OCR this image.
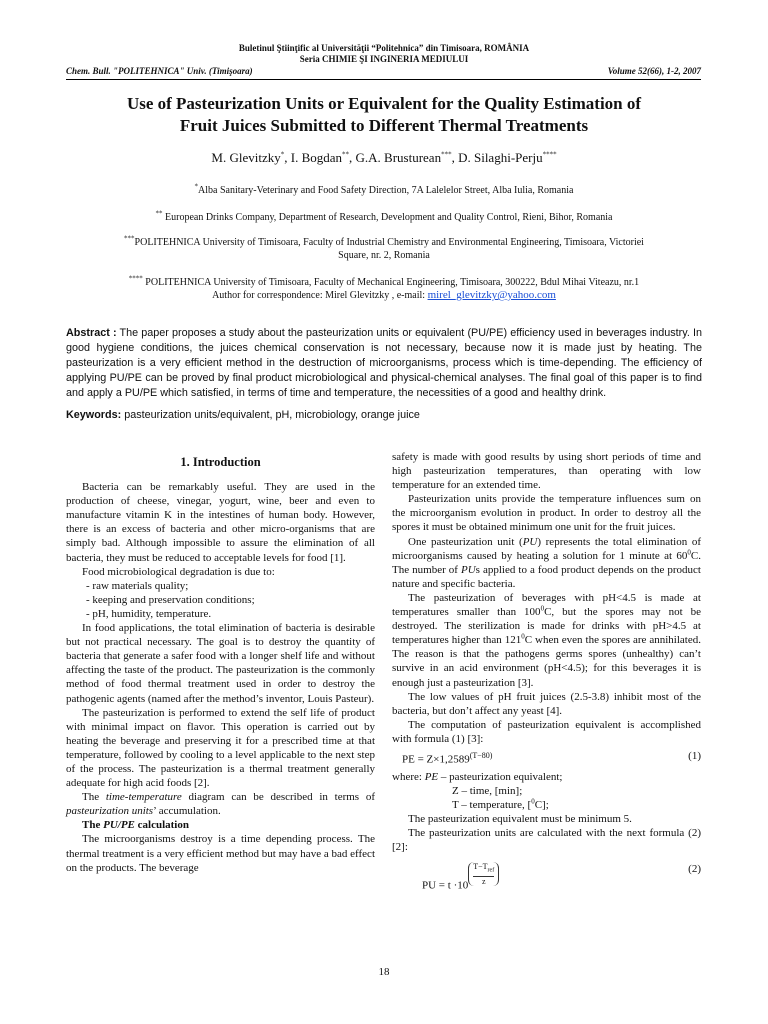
Buletinul Ştiinţific al Universităţii “Politehnica” din Timisoara, ROMÂNIA
Seria CHIMIE ŞI INGINERIA MEDIULUI
Chem. Bull. "POLITEHNICA" Univ. (Timişoara)	Volume 52(66), 1-2, 2007
Use of Pasteurization Units or Equivalent for the Quality Estimation of
Fruit Juices Submitted to Different Thermal Treatments
M. Glevitzky*, I. Bogdan**, G.A. Brusturean***, D. Silaghi-Perju****
*Alba Sanitary-Veterinary and Food Safety Direction, 7A Lalelelor Street, Alba Iulia, Romania
** European Drinks Company, Department of Research, Development and Quality Control, Rieni, Bihor, Romania
***POLITEHNICA University of Timisoara, Faculty of Industrial Chemistry and Environmental Engineering, Timisoara, Victoriei
Square, nr. 2, Romania
**** POLITEHNICA University of Timisoara, Faculty of Mechanical Engineering, Timisoara, 300222, Bdul Mihai Viteazu, nr.1
Author for correspondence: Mirel Glevitzky , e-mail: mirel_glevitzky@yahoo.com

Abstract : The paper proposes a study about the pasteurization units or equivalent (PU/PE) efficiency used in beverages industry. In good hygiene conditions, the juices chemical conservation is not necessary, because now it is made just by heating. The pasteurization is a very efficient method in the destruction of microorganisms, process which is time-depending. The efficiency of applying PU/PE can be proved by final product microbiological and physical-chemical analyses. The final goal of this paper is to find and apply a PU/PE which satisfied, in terms of time and temperature, the necessities of a good and healthy drink.

Keywords: pasteurization units/equivalent, pH, microbiology, orange juice

1. Introduction

Bacteria can be remarkably useful. They are used in the production of cheese, vinegar, yogurt, wine, beer and even to manufacture vitamin K in the intestines of human body. However, there is an excess of bacteria and other micro-organisms that are simply bad. Although impossible to assure the elimination of all bacteria, they must be reduced to acceptable levels for food [1].

Food microbiological degradation is due to:

- raw materials quality;

- keeping and preservation conditions;

- pH, humidity, temperature.

In food applications, the total elimination of bacteria is desirable but not practical necessary. The goal is to destroy the quantity of bacteria that generate a safer food with a longer shelf life and without affecting the taste of the product. The pasteurization is the commonly method of food thermal treatment used in order to destroy the pathogenic agents (named after the method’s inventor, Louis Pasteur).

The pasteurization is performed to extend the self life of product with minimal impact on flavor. This operation is carried out by heating the beverage and preserving it for a prescribed time at that temperature, followed by cooling to a level applicable to the next step of the process. The pasteurization is a thermal treatment generally adequate for high acid foods [2].

The time-temperature diagram can be described in terms of pasteurization units’ accumulation.

The PU/PE calculation

The microorganisms destroy is a time depending process. The thermal treatment is a very efficient method but may have a bad effect on the products. The beverage

safety is made with good results by using short periods of time and high pasteurization temperatures, than operating with low temperature for an extended time.

Pasteurization units provide the temperature influences sum on the microorganism evolution in product. In order to destroy all the spores it must be obtained minimum one unit for the fruit juices.

One pasteurization unit (PU) represents the total elimination of microorganisms caused by heating a solution for 1 minute at $60^0C$. The number of PUs applied to a food product depends on the product nature and specific bacteria.

The pasteurization of beverages with pH<4.5 is made at temperatures smaller than $100^0C$, but the spores may not be destroyed. The sterilization is made for drinks with pH>4.5 at temperatures higher than $121^0C$ when even the spores are annihilated. The reason is that the pathogens germs spores (unhealthy) can’t survive in an acid environment (pH<4.5); for this beverages it is enough just a pasteurization [3].

The low values of pH fruit juices (2.5-3.8) inhibit most of the bacteria, but don’t affect any yeast [4].

The computation of pasteurization equivalent is accomplished with formula (1) [3]:

PE = $Z\times 1,2589^{(T-80)}$	(1)

where: PE – pasteurization equivalent;

Z – time, [min];

T – temperature, [$^0$C];

The pasteurization equivalent must be minimum 5.

The pasteurization units are calculated with the next formula (2) [2]:

PU = t ·10
$T-T_{ref}$
z
(2)

18
